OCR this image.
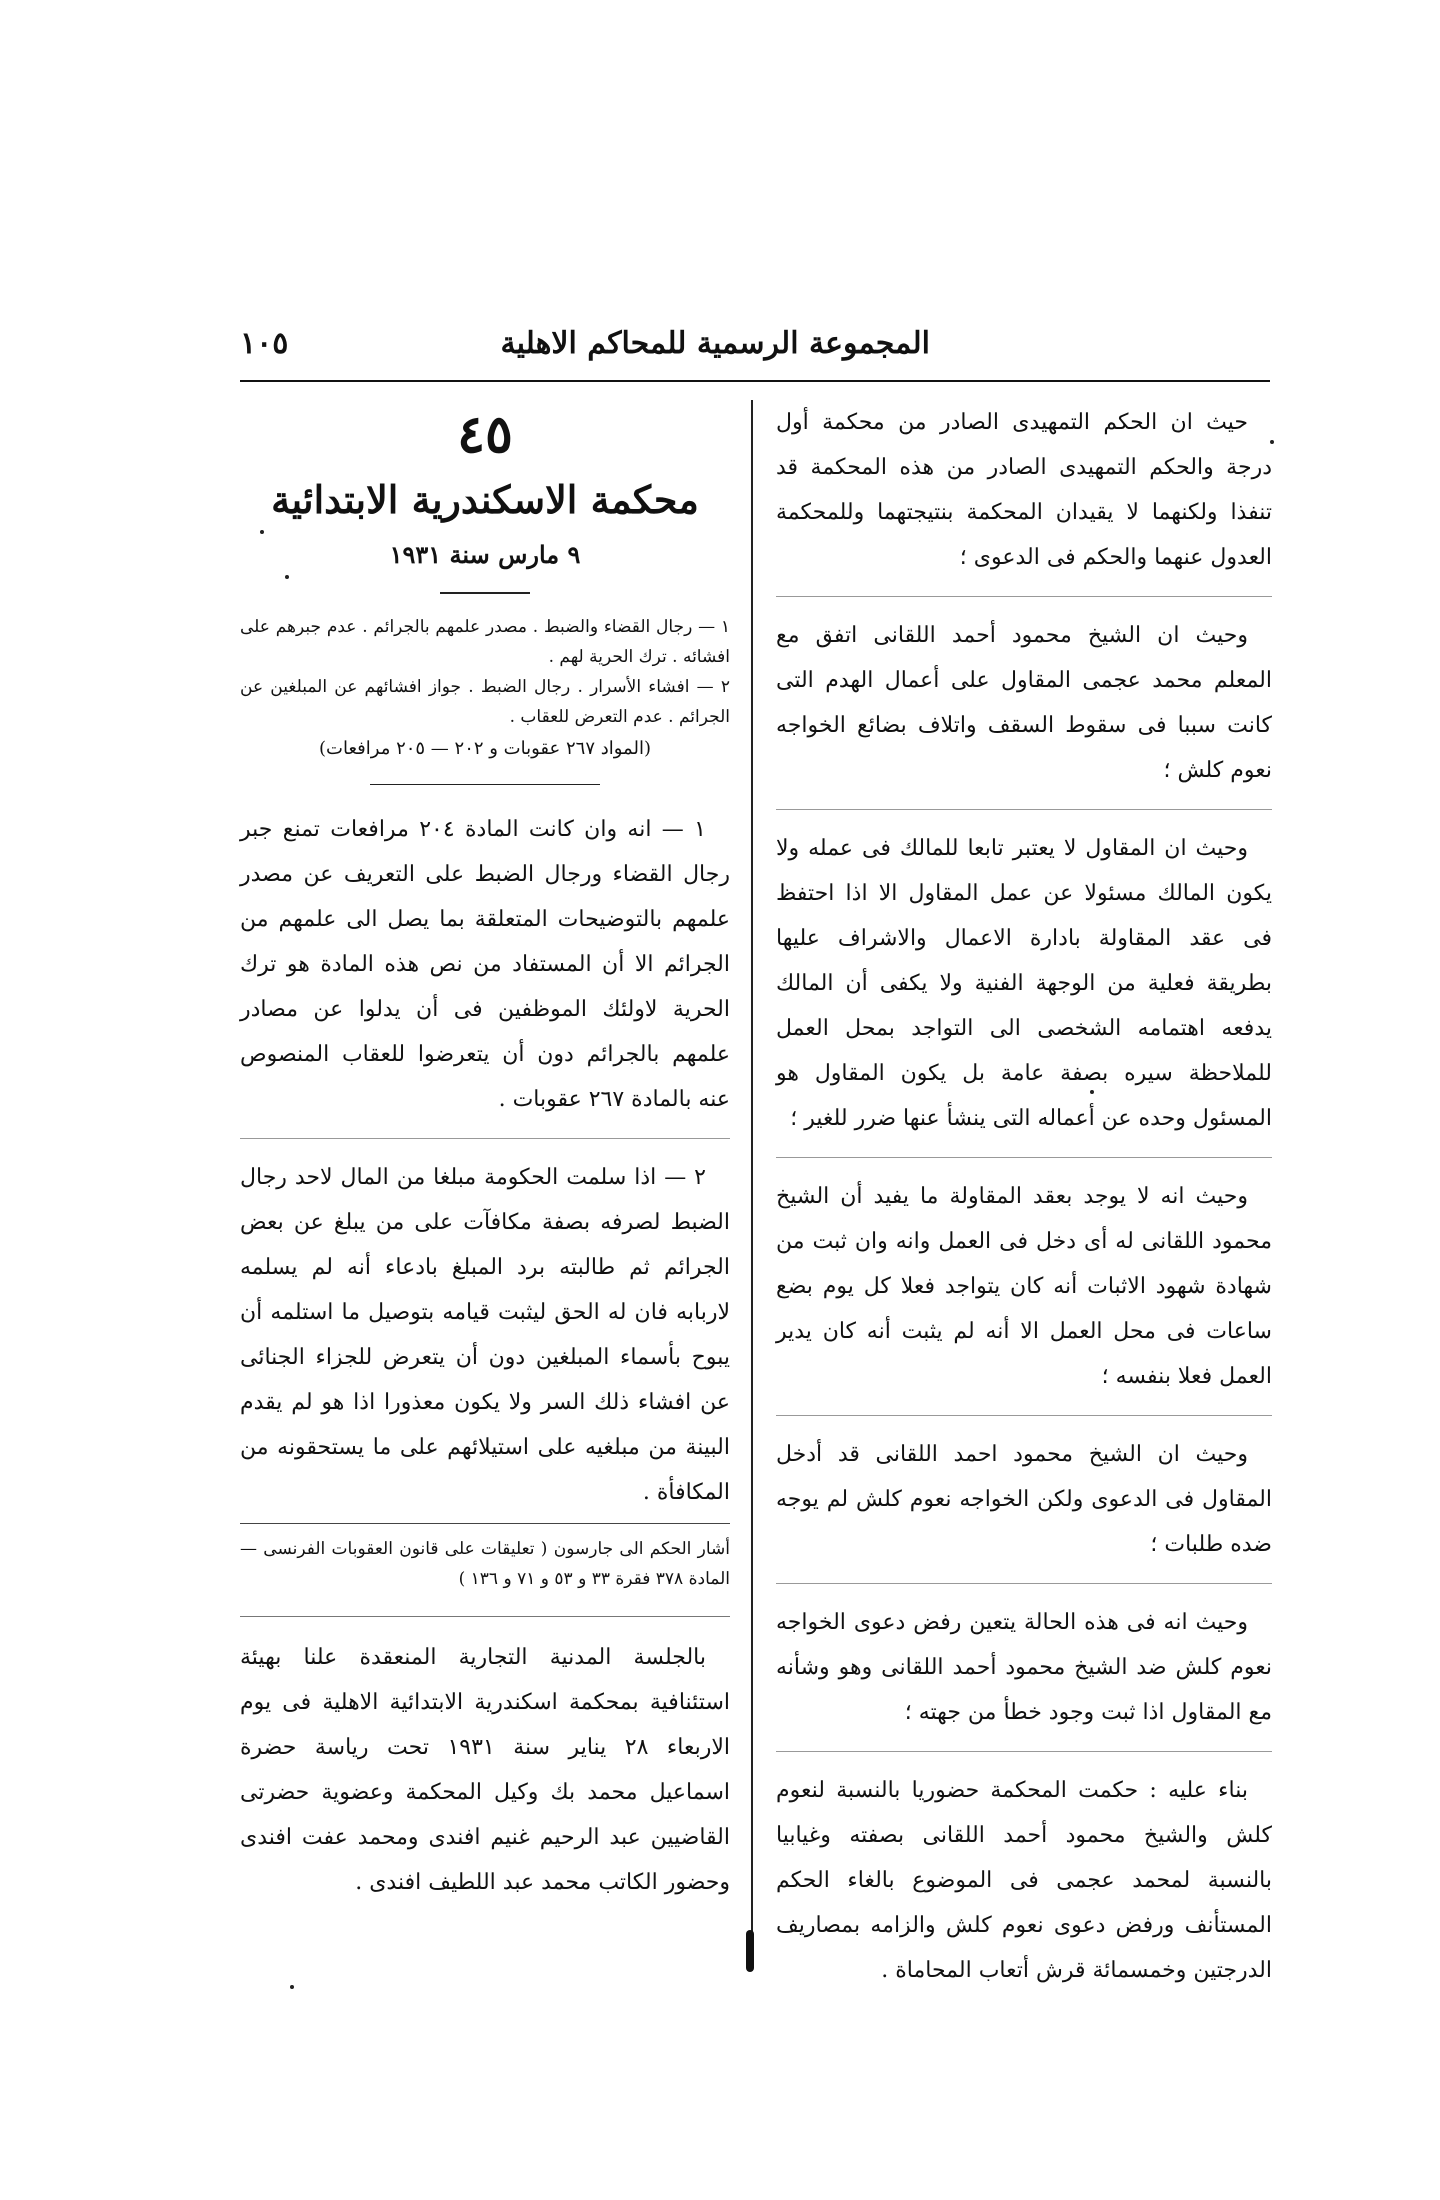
المجموعة الرسمية للمحاكم الاهلية
١٠٥

حيث ان الحكم التمهيدى الصادر من محكمة أول درجة والحكم التمهيدى الصادر من هذه المحكمة قد تنفذا ولكنهما لا يقيدان المحكمة بنتيجتهما وللمحكمة العدول عنهما والحكم فى الدعوى ؛

وحيث ان الشيخ محمود أحمد اللقانى اتفق مع المعلم محمد عجمى المقاول على أعمال الهدم التى كانت سببا فى سقوط السقف واتلاف بضائع الخواجه نعوم كلش ؛

وحيث ان المقاول لا يعتبر تابعا للمالك فى عمله ولا يكون المالك مسئولا عن عمل المقاول الا اذا احتفظ فى عقد المقاولة بادارة الاعمال والاشراف عليها بطريقة فعلية من الوجهة الفنية ولا يكفى أن المالك يدفعه اهتمامه الشخصى الى التواجد بمحل العمل للملاحظة سيره بصفة عامة بل يكون المقاول هو المسئول وحده عن أعماله التى ينشأ عنها ضرر للغير ؛

وحيث انه لا يوجد بعقد المقاولة ما يفيد أن الشيخ محمود اللقانى له أى دخل فى العمل وانه وان ثبت من شهادة شهود الاثبات أنه كان يتواجد فعلا كل يوم بضع ساعات فى محل العمل الا أنه لم يثبت أنه كان يدير العمل فعلا بنفسه ؛

وحيث ان الشيخ محمود احمد اللقانى قد أدخل المقاول فى الدعوى ولكن الخواجه نعوم كلش لم يوجه ضده طلبات ؛

وحيث انه فى هذه الحالة يتعين رفض دعوى الخواجه نعوم كلش ضد الشيخ محمود أحمد اللقانى وهو وشأنه مع المقاول اذا ثبت وجود خطأ من جهته ؛

بناء عليه : حكمت المحكمة حضوريا بالنسبة لنعوم كلش والشيخ محمود أحمد اللقانى بصفته وغيابيا بالنسبة لمحمد عجمى فى الموضوع بالغاء الحكم المستأنف ورفض دعوى نعوم كلش والزامه بمصاريف الدرجتين وخمسمائة قرش أتعاب المحاماة .

٤٥
محكمة الاسكندرية الابتدائية
٩ مارس سنة ١٩٣١

١ — رجال القضاء والضبط . مصدر علمهم بالجرائم . عدم جبرهم على افشائه . ترك الحرية لهم .

٢ — افشاء الأسرار . رجال الضبط . جواز افشائهم عن المبلغين عن الجرائم . عدم التعرض للعقاب .

(المواد ٢٦٧ عقوبات و ٢٠٢ — ٢٠٥ مرافعات)

١ — انه وان كانت المادة ٢٠٤ مرافعات تمنع جبر رجال القضاء ورجال الضبط على التعريف عن مصدر علمهم بالتوضيحات المتعلقة بما يصل الى علمهم من الجرائم الا أن المستفاد من نص هذه المادة هو ترك الحرية لاولئك الموظفين فى أن يدلوا عن مصادر علمهم بالجرائم دون أن يتعرضوا للعقاب المنصوص عنه بالمادة ٢٦٧ عقوبات .

٢ — اذا سلمت الحكومة مبلغا من المال لاحد رجال الضبط لصرفه بصفة مكافآت على من يبلغ عن بعض الجرائم ثم طالبته برد المبلغ بادعاء أنه لم يسلمه لاربابه فان له الحق ليثبت قيامه بتوصيل ما استلمه أن يبوح بأسماء المبلغين دون أن يتعرض للجزاء الجنائى عن افشاء ذلك السر ولا يكون معذورا اذا هو لم يقدم البينة من مبلغيه على استيلائهم على ما يستحقونه من المكافأة .

أشار الحكم الى جارسون ( تعليقات على قانون العقوبات الفرنسى — المادة ٣٧٨ فقرة ٣٣ و ٥٣ و ٧١ و ١٣٦ )

بالجلسة المدنية التجارية المنعقدة علنا بهيئة استئنافية بمحكمة اسكندرية الابتدائية الاهلية فى يوم الاربعاء ٢٨ يناير سنة ١٩٣١ تحت رياسة حضرة اسماعيل محمد بك وكيل المحكمة وعضوية حضرتى القاضيين عبد الرحيم غنيم افندى ومحمد عفت افندى وحضور الكاتب محمد عبد اللطيف افندى .
